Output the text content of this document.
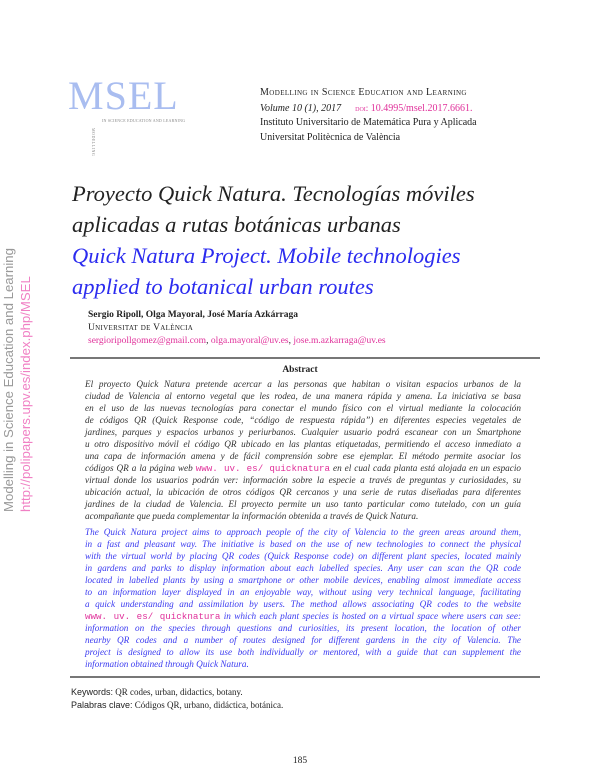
Modelling in Science Education and Learning http://polipapers.upv.es/index.php/MSEL
MSEL
IN SCIENCE EDUCATION AND LEARNING
MODELLING
Modelling in Science Education and Learning
Volume 10 (1), 2017 doi: 10.4995/msel.2017.6661.
Instituto Universitario de Matemática Pura y Aplicada
Universitat Politècnica de València
Proyecto Quick Natura. Tecnologías móviles
aplicadas a rutas botánicas urbanas
Quick Natura Project. Mobile technologies
applied to botanical urban routes
Sergio Ripoll, Olga Mayoral, José María Azkárraga
Universitat de València
sergioripollgomez@gmail.com, olga.mayoral@uv.es, jose.m.azkarraga@uv.es
Abstract
El proyecto Quick Natura pretende acercar a las personas que habitan o visitan espacios urbanos de la
ciudad de Valencia al entorno vegetal que les rodea, de una manera rápida y amena. La iniciativa se basa
en el uso de las nuevas tecnologías para conectar el mundo físico con el virtual mediante la colocación
de códigos QR (Quick Response code, “código de respuesta rápida”) en diferentes especies vegetales de
jardines, parques y espacios urbanos y periurbanos. Cualquier usuario podrá escanear con un Smartphone
u otro dispositivo móvil el código QR ubicado en las plantas etiquetadas, permitiendo el acceso inmediato a
una capa de información amena y de fácil comprensión sobre ese ejemplar. El método permite asociar los
códigos QR a la página web www. uv. es/ quicknatura en el cual cada planta está alojada en un espacio
virtual donde los usuarios podrán ver: información sobre la especie a través de preguntas y curiosidades, su
ubicación actual, la ubicación de otros códigos QR cercanos y una serie de rutas diseñadas para diferentes
jardines de la ciudad de Valencia. El proyecto permite un uso tanto particular como tutelado, con un guía
acompañante que pueda complementar la información obtenida a través de Quick Natura.
The Quick Natura project aims to approach people of the city of Valencia to the green areas around them,
in a fast and pleasant way. The initiative is based on the use of new technologies to connect the physical
with the virtual world by placing QR codes (Quick Response code) on different plant species, located mainly
in gardens and parks to display information about each labelled species. Any user can scan the QR code
located in labelled plants by using a smartphone or other mobile devices, enabling almost immediate access
to an information layer displayed in an enjoyable way, without using very technical language, facilitating
a quick understanding and assimilation by users. The method allows associating QR codes to the website
www. uv. es/ quicknatura in which each plant species is hosted on a virtual space where users can see:
information on the species through questions and curiosities, its present location, the location of other
nearby QR codes and a number of routes designed for different gardens in the city of Valencia. The
project is designed to allow its use both individually or mentored, with a guide that can supplement the
information obtained through Quick Natura.
Keywords: QR codes, urban, didactics, botany.
Palabras clave: Códigos QR, urbano, didáctica, botánica.
185
